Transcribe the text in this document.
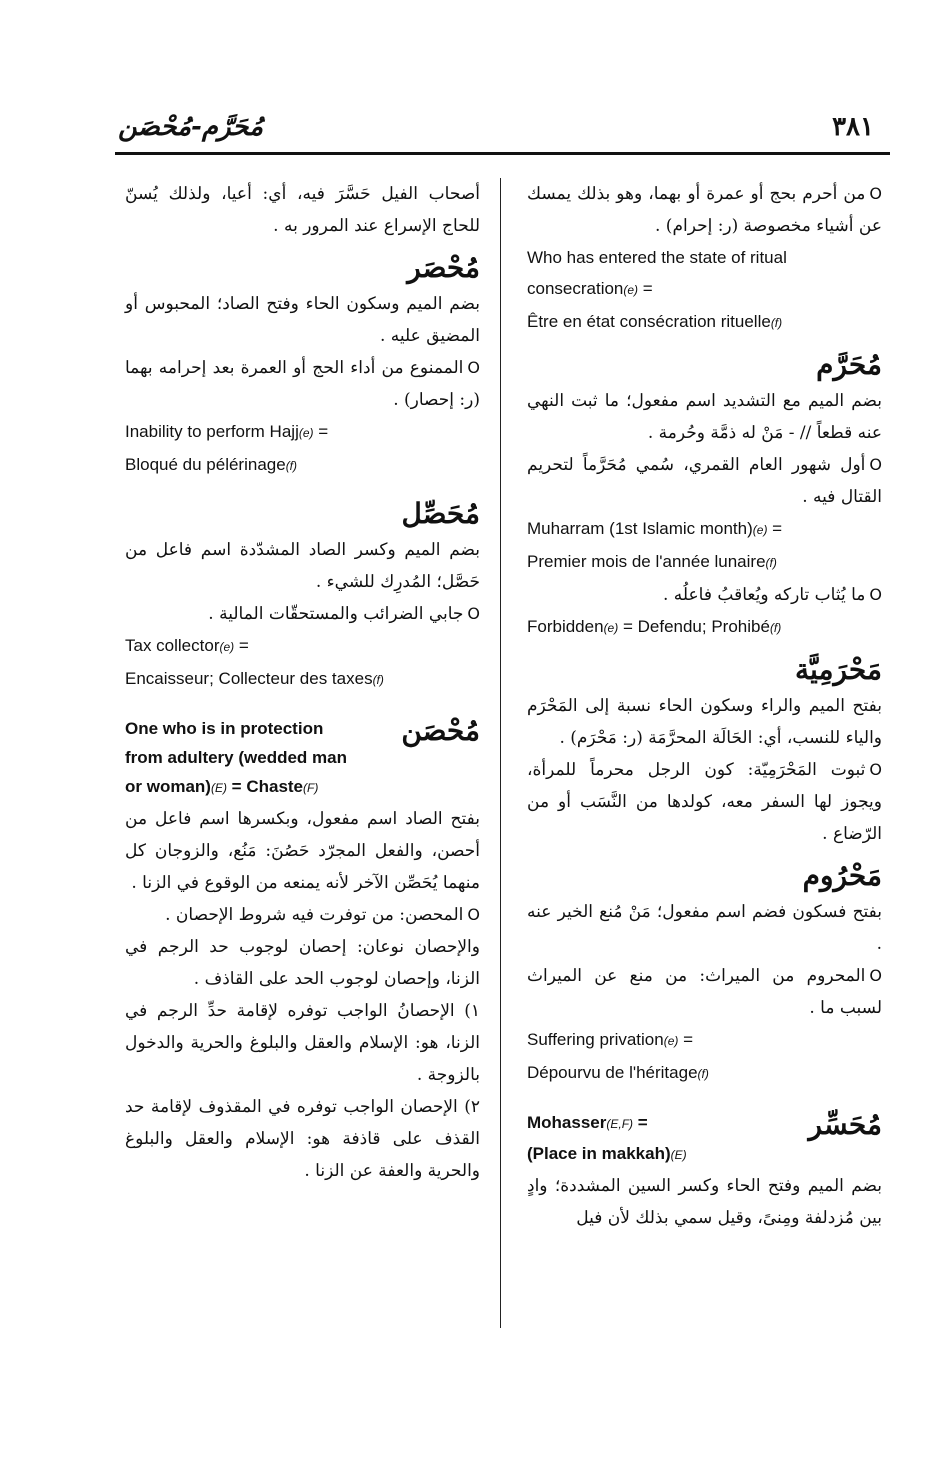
٣٨١
مُحَرَّم-مُحْصَن

Oمن أحرم بحج أو عمرة أو بهما، وهو بذلك يمسك عن أشياء مخصوصة (ر: إحرام) .

Who has entered the state of ritual

consecration(e) =

Être en état consécration rituelle(f)

مُحَرَّم

بضم الميم مع التشديد اسم مفعول؛ ما ثبت النهي عنه قطعاً // - مَنْ له ذمَّة وحُرمة .

Oأول شهور العام القمري، سُمي مُحَرَّماً لتحريم القتال فيه .

Muharram (1st Islamic month)(e) =

Premier mois de l'année lunaire(f)

Oما يُثاب تاركه ويُعاقبُ فاعلُه .

Forbidden(e) = Defendu; Prohibé(f)

مَحْرَمِيَّة

بفتح الميم والراء وسكون الحاء نسبة إلى المَحْرَم والياء للنسب، أي: الحَالَة المحرَّمَة (ر: مَحْرَم) .

Oثبوت المَحْرَمِيّة: كون الرجل محرماً للمرأة، ويجوز لها السفر معه، كولدها من النَّسَب أو من الرّضاع .

مَحْرُوم

بفتح فسكون فضم اسم مفعول؛ مَنْ مُنع الخير عنه .

Oالمحروم من الميراث: من منع عن الميراث لسبب ما .

Suffering privation(e) =

Dépourvu de l'héritage(f)

مُحَسِّر

Mohasser(E,F) =

(Place in makkah)(E)

بضم الميم وفتح الحاء وكسر السين المشددة؛ وادٍ بين مُزدلفة ومِنىً، وقيل سمي بذلك لأن فيل

أصحاب الفيل حَسَّرَ فيه، أي: أعيا، ولذلك يُسنّ للحاج الإسراع عند المرور به .

مُحْصَر

بضم الميم وسكون الحاء وفتح الصاد؛ المحبوس أو المضيق عليه .

Oالممنوع من أداء الحج أو العمرة بعد إحرامه بهما (ر: إحصار) .

Inability to perform Hajj(e) =

Bloqué du pélérinage(f)

مُحَصِّل

بضم الميم وكسر الصاد المشدّدة اسم فاعل من حَصَّل؛ المُدرِك للشيء .

Oجابي الضرائب والمستحقّات المالية .

Tax collector(e) =

Encaisseur; Collecteur des taxes(f)

مُحْصَن

One who is in protection

from adultery (wedded man

or woman)(E) = Chaste(F)

بفتح الصاد اسم مفعول، وبكسرها اسم فاعل من أحصن، والفعل المجرّد حَصُنَ: مَنُع، والزوجان كل منهما يُحَصِّن الآخر لأنه يمنعه من الوقوع في الزنا .

Oالمحصن: من توفرت فيه شروط الإحصان .

والإحصان نوعان: إحصان لوجوب حد الرجم في الزنا، وإحصان لوجوب الحد على القاذف .

١) الإحصانُ الواجب توفره لإقامة حدِّ الرجم في الزنا، هو: الإسلام والعقل والبلوغ والحرية والدخول بالزوجة .

٢) الإحصان الواجب توفره في المقذوف لإقامة حد القذف على قاذفة هو: الإسلام والعقل والبلوغ والحرية والعفة عن الزنا .
